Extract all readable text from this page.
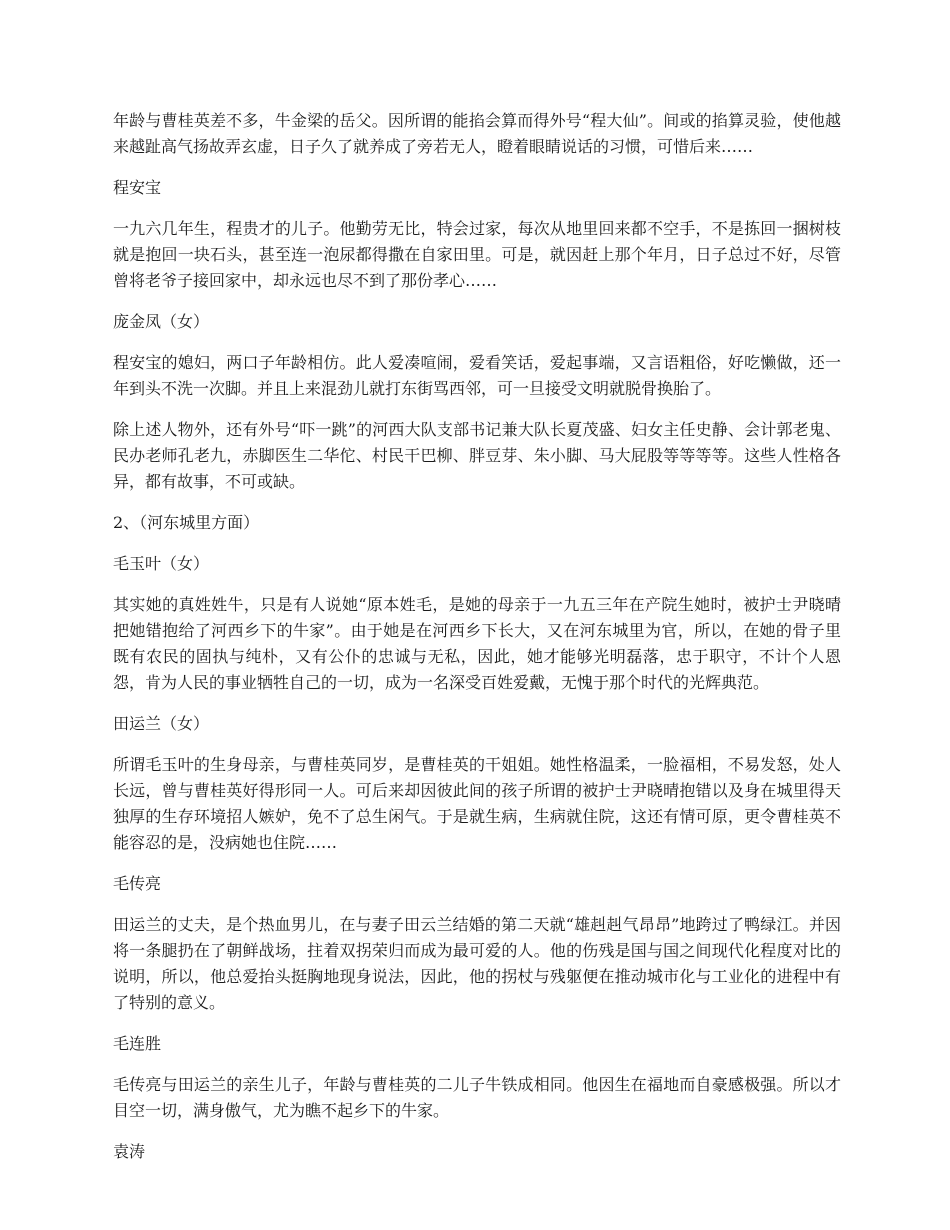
年龄与曹桂英差不多，牛金梁的岳父。因所谓的能掐会算而得外号“程大仙”。间或的掐算灵验，使他越来越趾高气扬故弄玄虚，日子久了就养成了旁若无人，瞪着眼睛说话的习惯，可惜后来……

程安宝

一九六几年生，程贵才的儿子。他勤劳无比，特会过家，每次从地里回来都不空手，不是拣回一捆树枝就是抱回一块石头，甚至连一泡尿都得撒在自家田里。可是，就因赶上那个年月，日子总过不好，尽管曾将老爷子接回家中，却永远也尽不到了那份孝心……

庞金凤（女）

程安宝的媳妇，两口子年龄相仿。此人爱凑喧闹，爱看笑话，爱起事端，又言语粗俗，好吃懒做，还一年到头不洗一次脚。并且上来混劲儿就打东街骂西邻，可一旦接受文明就脱骨换胎了。

除上述人物外，还有外号“吓一跳”的河西大队支部书记兼大队长夏茂盛、妇女主任史静、会计郭老鬼、民办老师孔老九，赤脚医生二华佗、村民干巴柳、胖豆芽、朱小脚、马大屁股等等等等。这些人性格各异，都有故事，不可或缺。

2、（河东城里方面）

毛玉叶（女）

其实她的真姓姓牛，只是有人说她“原本姓毛，是她的母亲于一九五三年在产院生她时，被护士尹晓晴把她错抱给了河西乡下的牛家”。由于她是在河西乡下长大，又在河东城里为官，所以，在她的骨子里既有农民的固执与纯朴，又有公仆的忠诚与无私，因此，她才能够光明磊落，忠于职守，不计个人恩怨，肯为人民的事业牺牲自己的一切，成为一名深受百姓爱戴，无愧于那个时代的光辉典范。

田运兰（女）

所谓毛玉叶的生身母亲，与曹桂英同岁，是曹桂英的干姐姐。她性格温柔，一脸福相，不易发怒，处人长远，曾与曹桂英好得形同一人。可后来却因彼此间的孩子所谓的被护士尹晓晴抱错以及身在城里得天独厚的生存环境招人嫉妒，免不了总生闲气。于是就生病，生病就住院，这还有情可原，更令曹桂英不能容忍的是，没病她也住院……

毛传亮

田运兰的丈夫，是个热血男儿，在与妻子田云兰结婚的第二天就“雄赳赳气昂昂”地跨过了鸭绿江。并因将一条腿扔在了朝鲜战场，拄着双拐荣归而成为最可爱的人。他的伤残是国与国之间现代化程度对比的说明，所以，他总爱抬头挺胸地现身说法，因此，他的拐杖与残躯便在推动城市化与工业化的进程中有了特别的意义。

毛连胜

毛传亮与田运兰的亲生儿子，年龄与曹桂英的二儿子牛铁成相同。他因生在福地而自豪感极强。所以才目空一切，满身傲气，尤为瞧不起乡下的牛家。

袁涛
